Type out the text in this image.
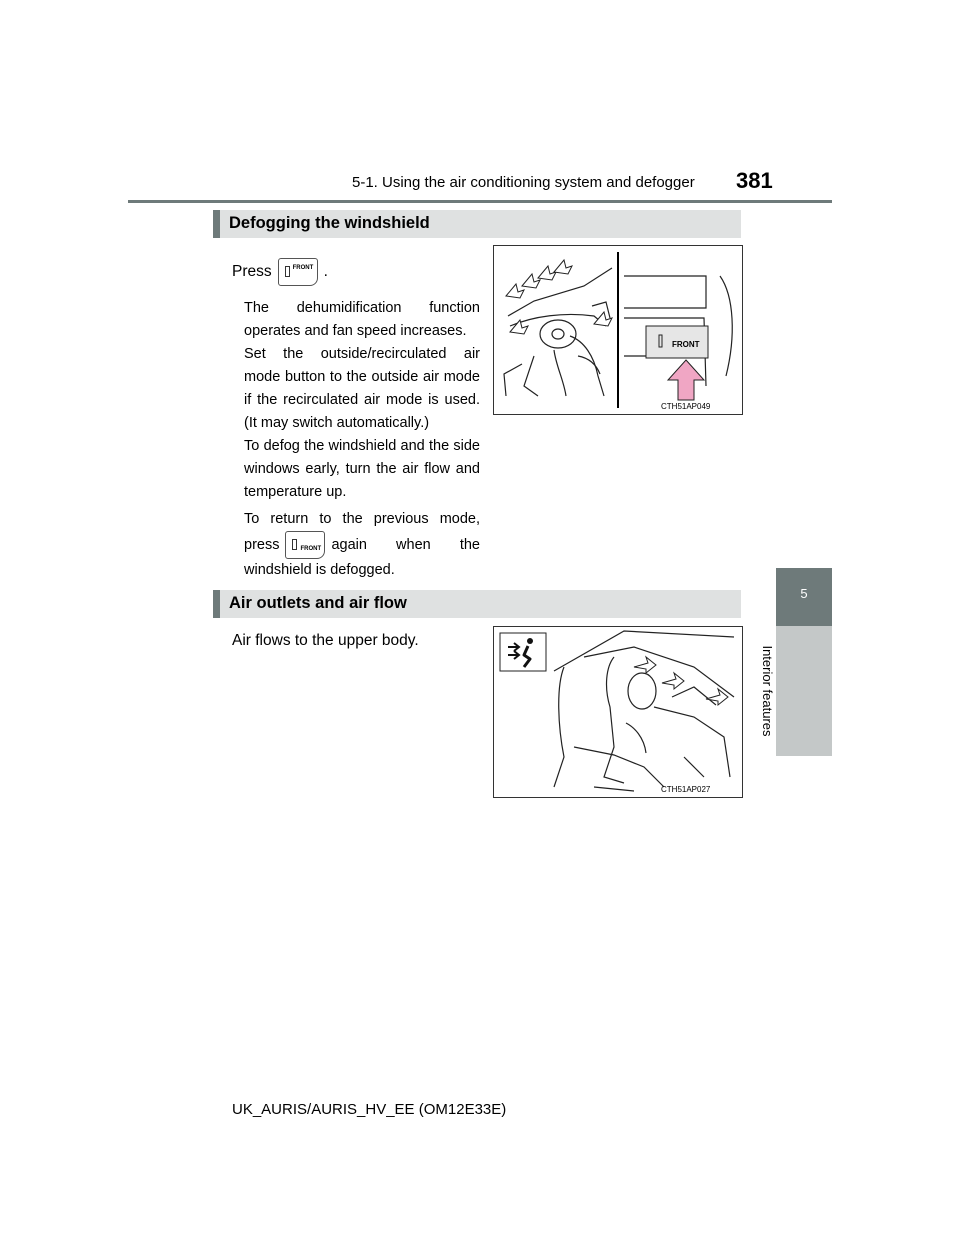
5-1. Using the air conditioning system and defogger 381
5
Interior features
Defogging the windshield
Press	FRONT .

The dehumidification function operates and fan speed increases.

Set the outside/recirculated air mode button to the outside air mode if the recirculated air mode is used. (It may switch automatically.)

To defog the windshield and the side windows early, turn the air flow and temperature up.

To return to the previous mode, press	FRONT again when the windshield is defogged.

FRONT
CTH51AP049
Air outlets and air flow
Air flows to the upper body.
CTH51AP027
UK_AURIS/AURIS_HV_EE (OM12E33E)
